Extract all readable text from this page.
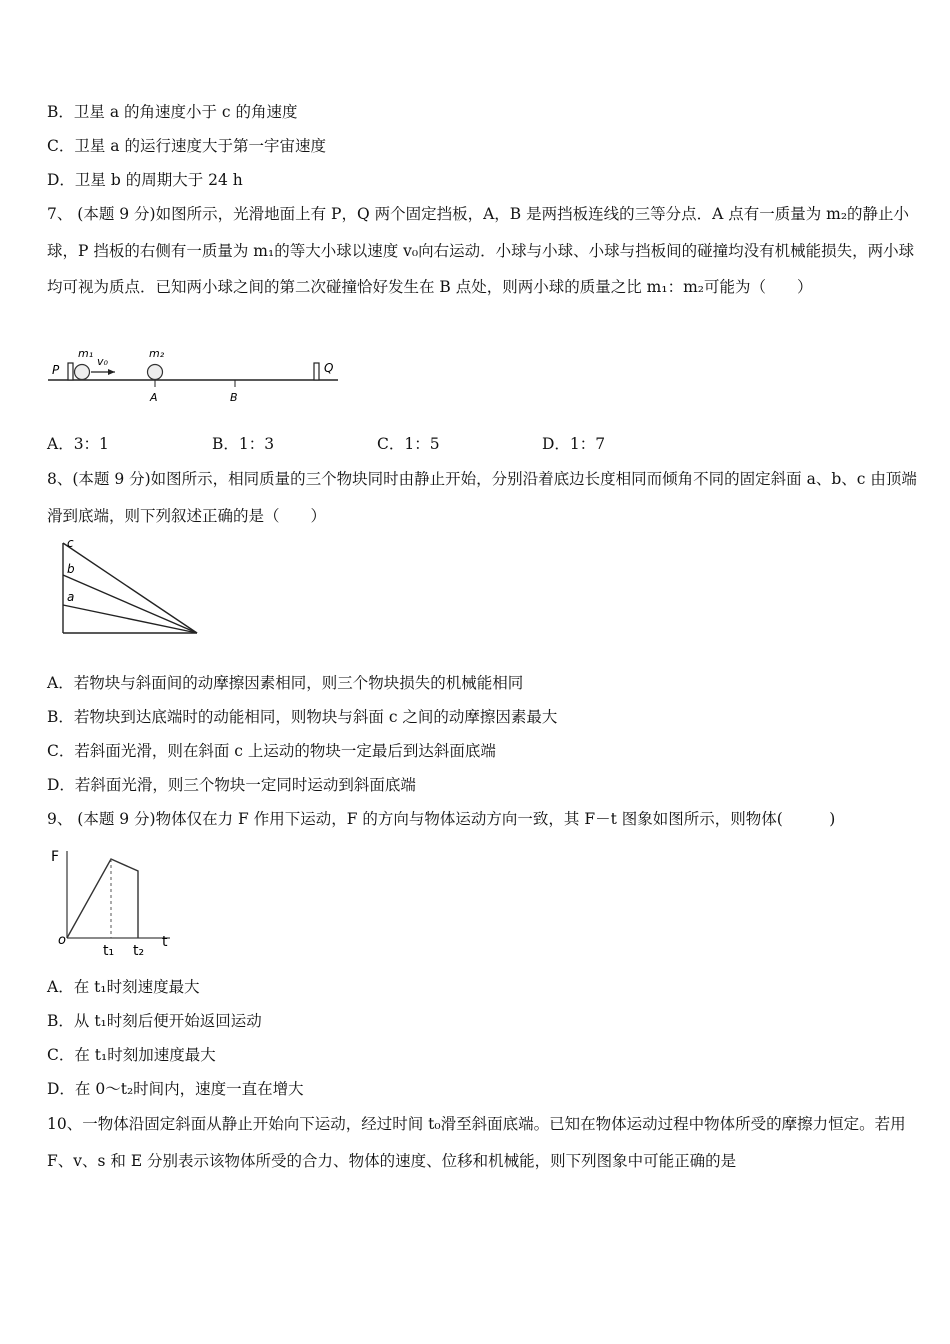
B．卫星 a 的角速度小于 c 的角速度
C．卫星 a 的运行速度大于第一宇宙速度
D．卫星 b 的周期大于 24 h
7、 (本题 9 分)如图所示，光滑地面上有 P，Q 两个固定挡板，A，B 是两挡板连线的三等分点．A 点有一质量为 m₂的静止小球，P 挡板的右侧有一质量为 m₁的等大小球以速度 v₀向右运动．小球与小球、小球与挡板间的碰撞均没有机械能损失，两小球均可视为质点．已知两小球之间的第二次碰撞恰好发生在 B 点处，则两小球的质量之比 m₁：m₂可能为（　　）
P	Q
m₁
v₀
m₂
A	B
A．3：1	B．1：3	C．1：5	D．1：7
8、(本题 9 分)如图所示，相同质量的三个物块同时由静止开始，分别沿着底边长度相同而倾角不同的固定斜面 a、b、c 由顶端滑到底端，则下列叙述正确的是（　　）
c
b
a
A．若物块与斜面间的动摩擦因素相同，则三个物块损失的机械能相同
B．若物块到达底端时的动能相同，则物块与斜面 c 之间的动摩擦因素最大
C．若斜面光滑，则在斜面 c 上运动的物块一定最后到达斜面底端
D．若斜面光滑，则三个物块一定同时运动到斜面底端
9、 (本题 9 分)物体仅在力 F 作用下运动，F 的方向与物体运动方向一致，其 F－t 图象如图所示，则物体(　　　)
F
o
t₁ t₂
t
A．在 t₁时刻速度最大
B．从 t₁时刻后便开始返回运动
C．在 t₁时刻加速度最大
D．在 0～t₂时间内，速度一直在增大
10、一物体沿固定斜面从静止开始向下运动，经过时间 t₀滑至斜面底端。已知在物体运动过程中物体所受的摩擦力恒定。若用 F、v、s 和 E 分别表示该物体所受的合力、物体的速度、位移和机械能，则下列图象中可能正确的是
